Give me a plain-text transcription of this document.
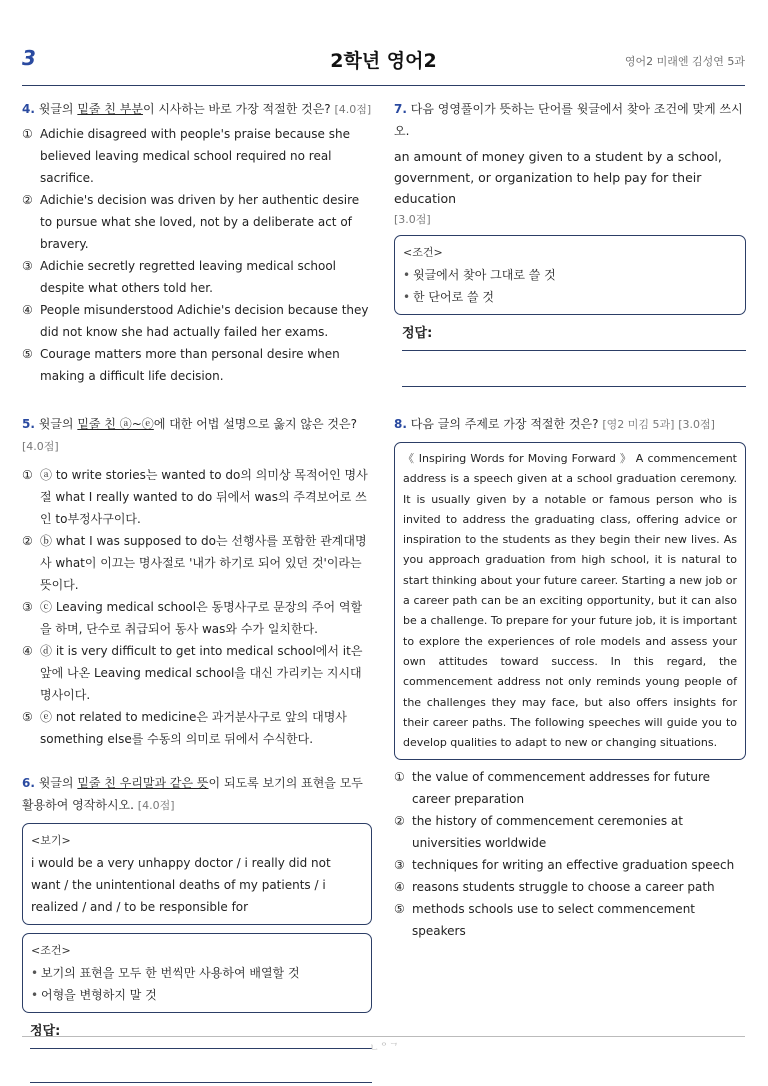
3	2학년 영어2	영어2 미래엔 김성연 5과
4. 윗글의 밑줄 친 부분이 시사하는 바로 가장 적절한 것은? [4.0점]
① Adichie disagreed with people's praise because she believed leaving medical school required no real sacrifice.
② Adichie's decision was driven by her authentic desire to pursue what she loved, not by a deliberate act of bravery.
③ Adichie secretly regretted leaving medical school despite what others told her.
④ People misunderstood Adichie's decision because they did not know she had actually failed her exams.
⑤ Courage matters more than personal desire when making a difficult life decision.
5. 윗글의 밑줄 친 ⓐ~ⓔ에 대한 어법 설명으로 옳지 않은 것은?
[4.0점]
① ⓐ to write stories는 wanted to do의 의미상 목적어인 명사절 what I really wanted to do 뒤에서 was의 주격보어로 쓰인 to부정사구이다.
② ⓑ what I was supposed to do는 선행사를 포함한 관계대명사 what이 이끄는 명사절로 '내가 하기로 되어 있던 것'이라는 뜻이다.
③ ⓒ Leaving medical school은 동명사구로 문장의 주어 역할을 하며, 단수로 취급되어 동사 was와 수가 일치한다.
④ ⓓ it is very difficult to get into medical school에서 it은 앞에 나온 Leaving medical school을 대신 가리키는 지시대명사이다.
⑤ ⓔ not related to medicine은 과거분사구로 앞의 대명사 something else를 수동의 의미로 뒤에서 수식한다.
6. 윗글의 밑줄 친 우리말과 같은 뜻이 되도록 보기의 표현을 모두 활용하여 영작하시오. [4.0점]
<보기>
i would be a very unhappy doctor / i really did not want / the unintentional deaths of my patients / i realized / and / to be responsible for
<조건>
• 보기의 표현을 모두 한 번씩만 사용하여 배열할 것
• 어형을 변형하지 말 것
정답:
7. 다음 영영풀이가 뜻하는 단어를 윗글에서 찾아 조건에 맞게 쓰시오.
an amount of money given to a student by a school, government, or organization to help pay for their education
[3.0점]
<조건>
• 윗글에서 찾아 그대로 쓸 것
• 한 단어로 쓸 것
정답:
8. 다음 글의 주제로 가장 적절한 것은? [영2 미김 5과] [3.0점]
《 Inspiring Words for Moving Forward 》 A commencement address is a speech given at a school graduation ceremony. It is usually given by a notable or famous person who is invited to address the graduating class, offering advice or inspiration to the students as they begin their new lives. As you approach graduation from high school, it is natural to start thinking about your future career. Starting a new job or a career path can be an exciting opportunity, but it can also be a challenge. To prepare for your future job, it is important to explore the experiences of role models and assess your own attitudes toward success. In this regard, the commencement address not only reminds young people of the challenges they may face, but also offers insights for their career paths. The following speeches will guide you to develop qualities to adapt to new or changing situations.
① the value of commencement addresses for future career preparation
② the history of commencement ceremonies at universities worldwide
③ techniques for writing an effective graduation speech
④ reasons students struggle to choose a career path
⑤ methods schools use to select commencement speakers
ㄴᄋᄀ
